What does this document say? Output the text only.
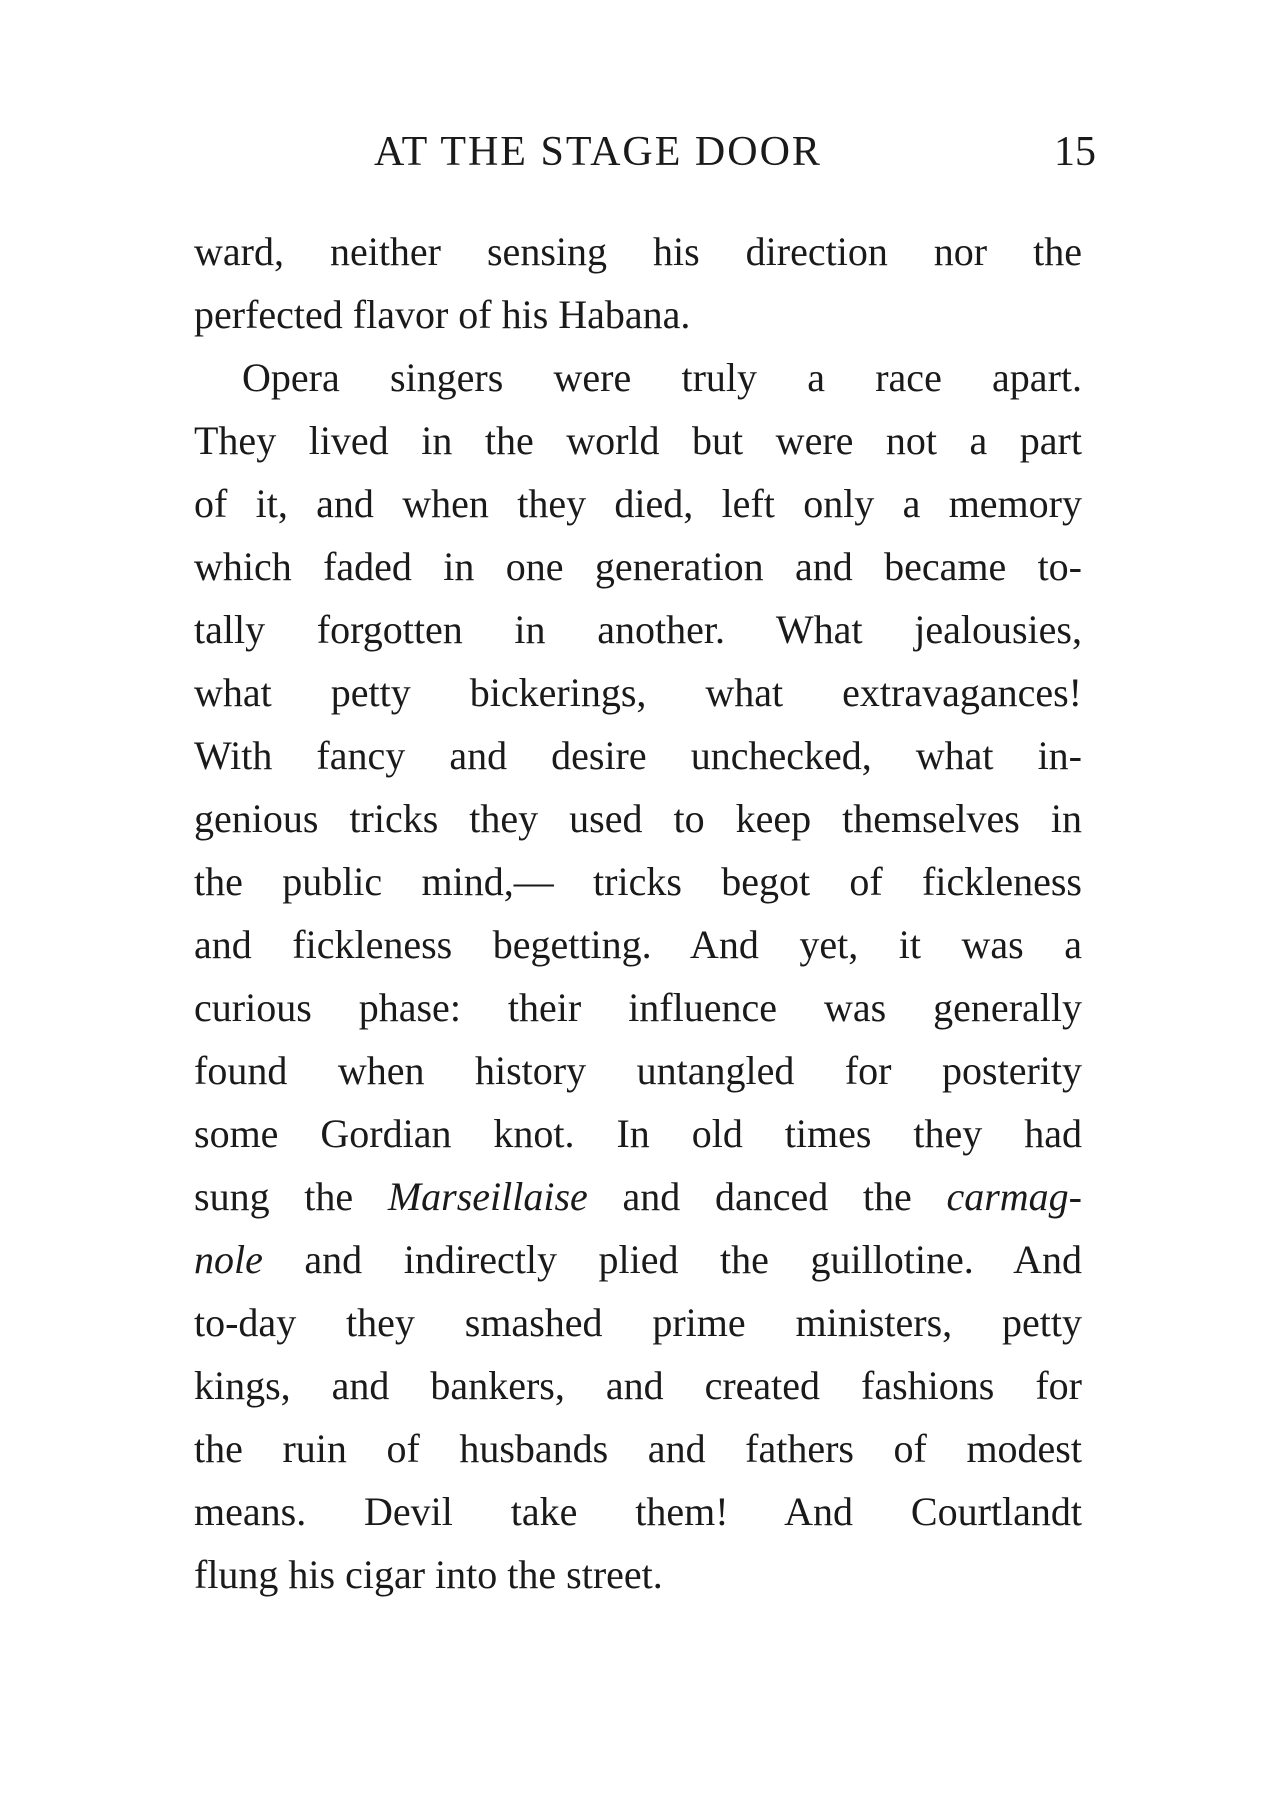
AT THE STAGE DOOR	15
ward, neither sensing his direction nor the
perfected flavor of his Habana.
Opera singers were truly a race apart.
They lived in the world but were not a part
of it, and when they died, left only a memory
which faded in one generation and became to-
tally forgotten in another. What jealousies,
what petty bickerings, what extravagances!
With fancy and desire unchecked, what in-
genious tricks they used to keep themselves in
the public mind,— tricks begot of fickleness
and fickleness begetting. And yet, it was a
curious phase: their influence was generally
found when history untangled for posterity
some Gordian knot. In old times they had
sung the Marseillaise and danced the carmag-
nole and indirectly plied the guillotine. And
to-day they smashed prime ministers, petty
kings, and bankers, and created fashions for
the ruin of husbands and fathers of modest
means. Devil take them! And Courtlandt
flung his cigar into the street.
